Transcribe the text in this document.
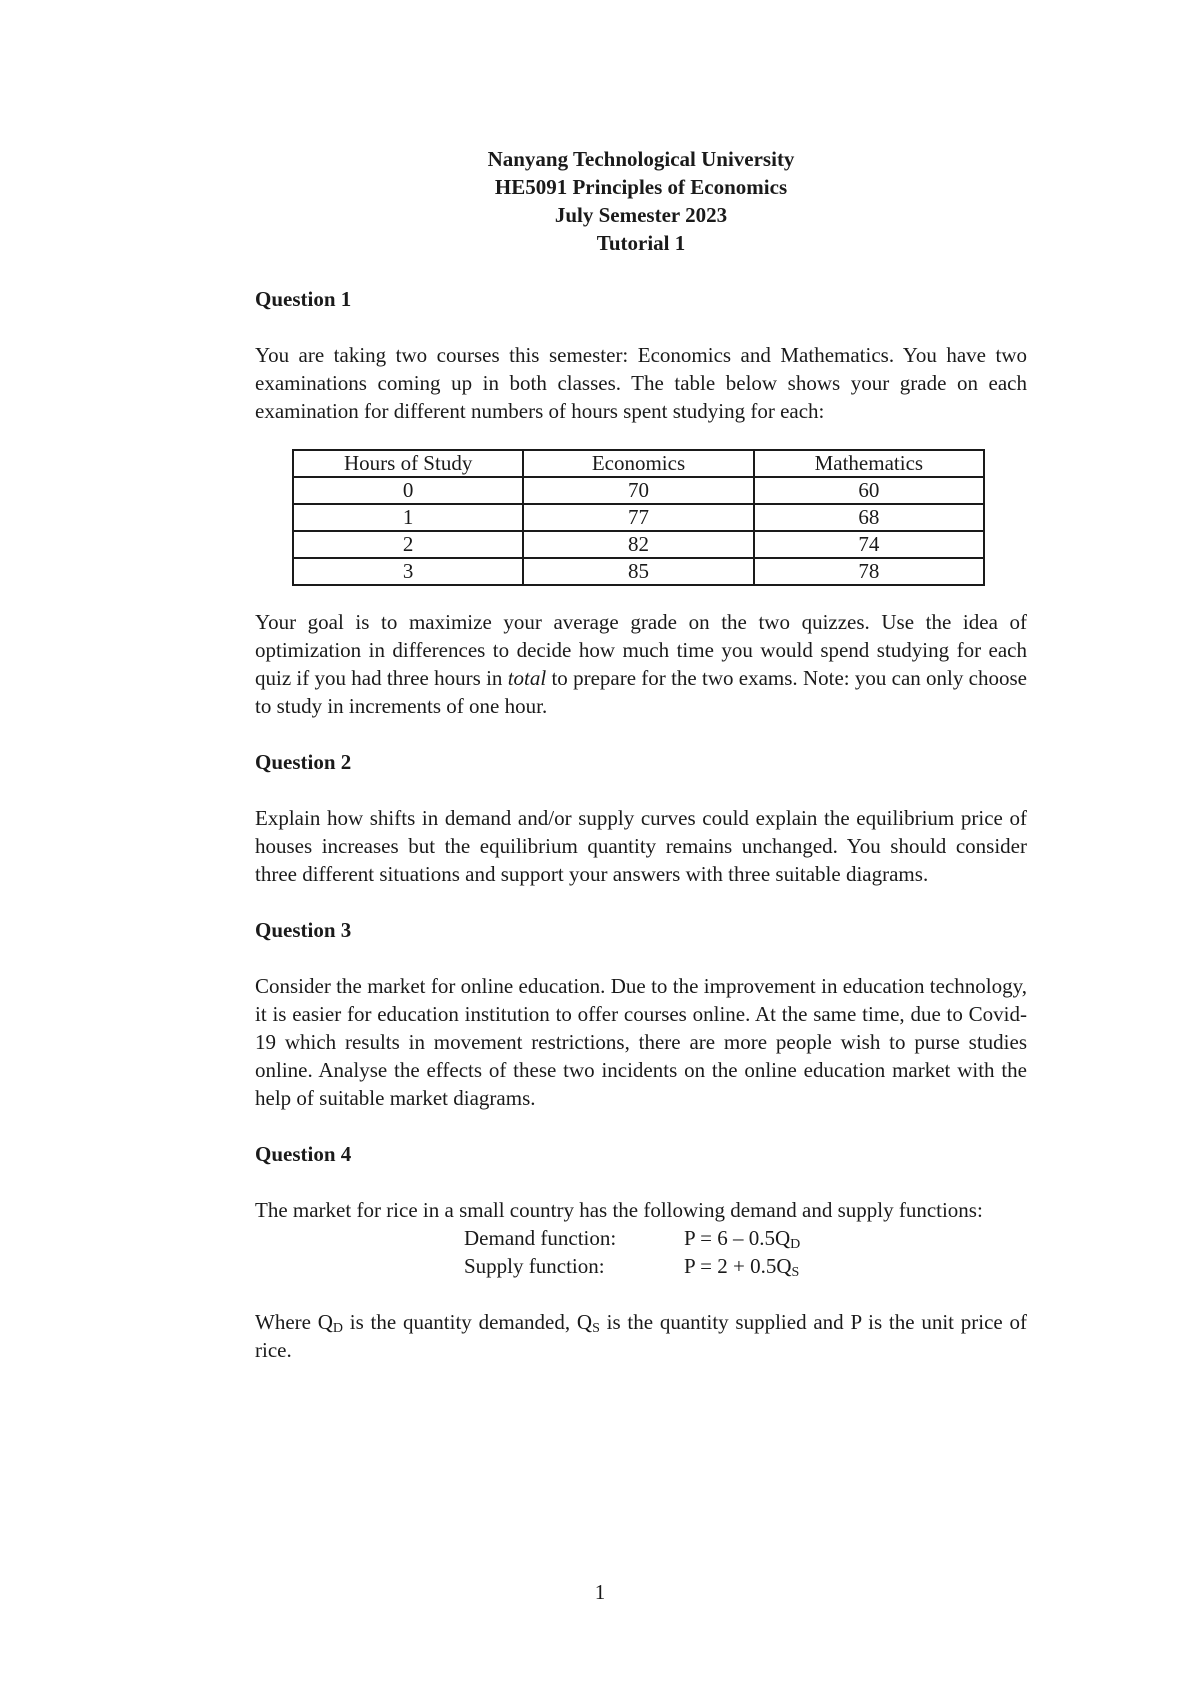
Nanyang Technological University
HE5091 Principles of Economics
July Semester 2023
Tutorial 1
Question 1

You are taking two courses this semester: Economics and Mathematics. You have two examinations coming up in both classes. The table below shows your grade on each examination for different numbers of hours spent studying for each:

Hours of Study	Economics	Mathematics
0	70	60
1	77	68
2	82	74
3	85	78

Your goal is to maximize your average grade on the two quizzes. Use the idea of optimization in differences to decide how much time you would spend studying for each quiz if you had three hours in total to prepare for the two exams. Note: you can only choose to study in increments of one hour.

Question 2

Explain how shifts in demand and/or supply curves could explain the equilibrium price of houses increases but the equilibrium quantity remains unchanged. You should consider three different situations and support your answers with three suitable diagrams.

Question 3

Consider the market for online education. Due to the improvement in education technology, it is easier for education institution to offer courses online. At the same time, due to Covid-19 which results in movement restrictions, there are more people wish to purse studies online. Analyse the effects of these two incidents on the online education market with the help of suitable market diagrams.

Question 4

The market for rice in a small country has the following demand and supply functions:

Demand function:	$P = 6 - 0.5Q_D$
Supply function:	$P = 2 + 0.5Q_S$

Where $Q_D$ is the quantity demanded, $Q_S$ is the quantity supplied and P is the unit price of rice.

1
